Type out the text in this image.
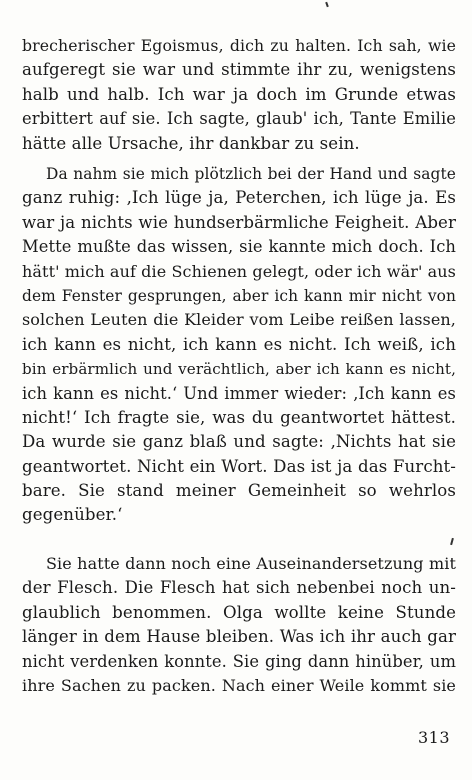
brecherischer Egoismus, dich zu halten. Ich sah, wie
aufgeregt sie war und stimmte ihr zu, wenigstens
halb und halb. Ich war ja doch im Grunde etwas
erbittert auf sie. Ich sagte, glaub' ich, Tante Emilie
hätte alle Ursache, ihr dankbar zu sein.
Da nahm sie mich plötzlich bei der Hand und sagte
ganz ruhig: ‚Ich lüge ja, Peterchen, ich lüge ja. Es
war ja nichts wie hundserbärmliche Feigheit. Aber
Mette mußte das wissen, sie kannte mich doch. Ich
hätt' mich auf die Schienen gelegt, oder ich wär' aus
dem Fenster gesprungen, aber ich kann mir nicht von
solchen Leuten die Kleider vom Leibe reißen lassen,
ich kann es nicht, ich kann es nicht. Ich weiß, ich
bin erbärmlich und verächtlich, aber ich kann es nicht,
ich kann es nicht.‘ Und immer wieder: ‚Ich kann es
nicht!‘ Ich fragte sie, was du geantwortet hättest.
Da wurde sie ganz blaß und sagte: ‚Nichts hat sie
geantwortet. Nicht ein Wort. Das ist ja das Furcht-
bare. Sie stand meiner Gemeinheit so wehrlos
gegenüber.‘
Sie hatte dann noch eine Auseinandersetzung mit
der Flesch. Die Flesch hat sich nebenbei noch un-
glaublich benommen. Olga wollte keine Stunde
länger in dem Hause bleiben. Was ich ihr auch gar
nicht verdenken konnte. Sie ging dann hinüber, um
ihre Sachen zu packen. Nach einer Weile kommt sie
313
